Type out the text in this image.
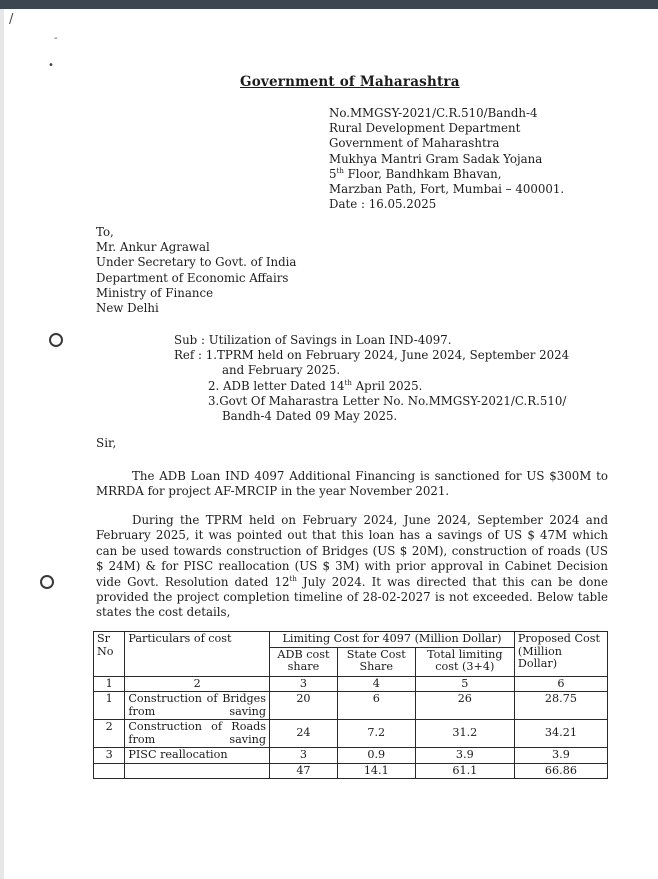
/
-
•
Government of Maharashtra
No.MMGSY-2021/C.R.510/Bandh-4
Rural Development Department
Government of Maharashtra
Mukhya Mantri Gram Sadak Yojana
5th Floor, Bandhkam Bhavan,
Marzban Path, Fort, Mumbai – 400001.
Date : 16.05.2025
To,
Mr. Ankur Agrawal
Under Secretary to Govt. of India
Department of Economic Affairs
Ministry of Finance
New Delhi
Sub : Utilization of Savings in Loan IND-4097.
Ref : 1.TPRM held on February 2024, June 2024, September 2024
and February 2025.
2. ADB letter Dated 14th April 2025.
3.Govt Of Maharastra Letter No. No.MMGSY-2021/C.R.510/
Bandh-4 Dated 09 May 2025.
Sir,
The ADB Loan IND 4097 Additional Financing is sanctioned for US $300M to MRRDA for project AF-MRCIP in the year November 2021.
During the TPRM held on February 2024, June 2024, September 2024 and February 2025, it was pointed out that this loan has a savings of US $ 47M which can be used towards construction of Bridges (US $ 20M), construction of roads (US $ 24M) & for PISC reallocation (US $ 3M) with prior approval in Cabinet Decision vide Govt. Resolution dated 12th July 2024. It was directed that this can be done provided the project completion timeline of 28-02-2027 is not exceeded. Below table states the cost details,
Sr No	Particulars of cost	Limiting Cost for 4097 (Million Dollar)			Proposed Cost (Million Dollar)
		ADB cost share	State Cost Share	Total limiting cost (3+4)	
1	2	3	4	5	6
1	Construction of Bridges from saving	20	6	26	28.75
2	Construction of Roads from saving	24	7.2	31.2	34.21
3	PISC reallocation	3	0.9	3.9	3.9
		47	14.1	61.1	66.86
